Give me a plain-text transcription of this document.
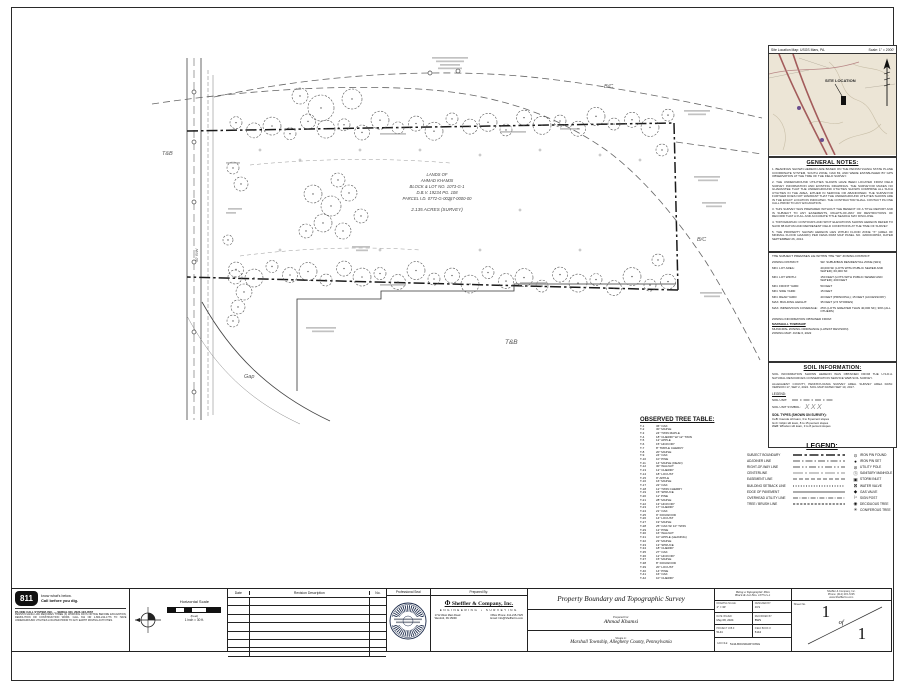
B/C
T&B
B/C
T&B
Gap
50' R/W
LANDS OF
AHMAD KHAMSI
BLOCK & LOT NO. 1073-G-1
D.B.V. 19234 PG. 108
PARCEL I.D. 0772-G-00257-0000-00
2.135 ACRES (SURVEY)
Site Location Map: USGS Mars, PA.	Scale: 1" = 2000'
SITE LOCATION
GENERAL NOTES:

1. BEARINGS SHOWN HEREON ARE BASED ON THE PENNSYLVANIA STATE PLANE COORDINATE SYSTEM, SOUTH ZONE, NAD 83, AND WERE ESTABLISHED BY GPS OBSERVATION AT THE TIME OF THE FIELD SURVEY.

2. THE UNDERGROUND UTILITIES SHOWN HAVE BEEN LOCATED FROM FIELD SURVEY INFORMATION AND EXISTING DRAWINGS. THE SURVEYOR MAKES NO GUARANTEE THAT THE UNDERGROUND UTILITIES SHOWN COMPRISE ALL SUCH UTILITIES IN THE AREA, EITHER IN SERVICE OR ABANDONED. THE SURVEYOR FURTHER DOES NOT WARRANT THAT THE UNDERGROUND UTILITIES SHOWN ARE IN THE EXACT LOCATION INDICATED. THE CONTRACTOR SHALL CONTACT PA ONE CALL PRIOR TO ANY EXCAVATION.

3. THIS SURVEY WAS PREPARED WITHOUT THE BENEFIT OF A TITLE REPORT AND IS SUBJECT TO ANY EASEMENTS, RIGHTS-OF-WAY OR RESTRICTIONS OF RECORD THAT A FULL AND ACCURATE TITLE SEARCH MAY DISCLOSE.

4. TOPOGRAPHIC CONTOURS AND SPOT ELEVATIONS SHOWN HEREON REFER TO NAVD 88 DATUM AND REPRESENT FIELD CONDITIONS AT THE TIME OF SURVEY.

5. THE PROPERTY SHOWN HEREON LIES WITHIN FLOOD ZONE "X" (AREA OF MINIMAL FLOOD HAZARD) PER FEMA FIRM MAP PANEL NO. 42003C0059J, DATED SEPTEMBER 26, 2014.

THE SUBJECT PREMISES LIE WITHIN THE "SR" ZONING DISTRICT:
ZONING DISTRICT:	SR: SUBURBAN RESIDENTIAL ZONE (SR1)
MIN. LOT AREA:	40,000 SF (LOTS WITH PUBLIC SEWER AND WATER); 60,000 SF
MIN. LOT WIDTH:	150 FEET (LOTS WITH PUBLIC SEWER AND WATER); 200 FEET
MIN. FRONT YARD:	50 FEET
MIN. SIDE YARD:	15 FEET
MIN. REAR YARD:	40 FEET (PRINCIPAL); 15 FEET (ACCESSORY)
MAX. BUILDING HEIGHT:	35 FEET (2.5 STORIES)
MAX. IMPERVIOUS COVERAGE: 25% (LOTS GREATER THAN 40,000 SF); 30% (ALL OTHERS)
ZONING INFORMATION OBTAINED FROM:
MARSHALL TOWNSHIP
MUNICIPAL ZONING ORDINANCE (LATEST REVISION)
ZONING MAP: JUNE 6, 2022
SOIL INFORMATION:

SOIL INFORMATION SHOWN HEREON WAS OBTAINED FROM THE U.S.D.A. NATURAL RESOURCES CONSERVATION SERVICE WEB SOIL SURVEY.

ALLEGHENY COUNTY, PENNSYLVANIA SURVEY AREA. SURVEY AREA DATA: VERSION 17, SEP 2, 2022. SOIL MAP DATED SEP 10, 2017.

LEGEND:
SOIL UNIT:
SOIL UNIT SYMBOL: XXX
SOIL TYPES (SHOWN ON SURVEY):
CeB: Cavode silt loam, 3 to 8 percent slopes
GvC: Gilpin silt loam, 8 to 15 percent slopes
WaB: Wharton silt loam, 3 to 8 percent slopes
LEGEND:
SUBJECT BOUNDARY
ADJOINER LINE
RIGHT-OF-WAY LINE
CENTERLINE
EASEMENT LINE
BUILDING SETBACK LINE
EDGE OF PAVEMENT
OVERHEAD UTILITY LINE
TREE / BRUSH LINE
⊙ IRON PIN FOUND
● IRON PIN SET
⊘ UTILITY POLE
Ⓢ SANITARY MANHOLE
▣ STORM INLET
⊠ WATER VALVE
◆ GAS VALVE
⚐ SIGN POST
◉ DECIDUOUS TREE
✳ CONIFEROUS TREE
OBSERVED TREE TABLE:
T-1	36" OAK
T-2	30" MAPLE
T-3	24" TWIN MAPLE
T-4	18" CHERRY W/ 12" TWIN
T-5	12" APPLE
T-6	15" HICKORY
T-7	8" TRIPLE CHERRY
T-8	20" MAPLE
T-9	24" OAK
T-10	10" PINE
T-11	14" MAPLE (DEAD)
T-12	30" WALNUT
T-13	12" CHERRY
T-14	18" LOCUST
T-15	9" APPLE
T-16	16" MAPLE
T-17	22" OAK
T-18	12" TWIN CHERRY
T-19	15" SPRUCE
T-20	11" PINE
T-21	28" MAPLE
T-22	13" HICKORY
T-23	17" CHERRY
T-24	21" OAK
T-25	9" DOGWOOD
T-26	14" LOCUST
T-27	19" MAPLE
T-28	25" OAK W/ 10" TWIN
T-29	12" PINE
T-30	16" WALNUT
T-31	10" APPLE (LEANING)
T-32	23" MAPLE
T-33	13" SPRUCE
T-34	18" CHERRY
T-35	27" OAK
T-36	12" HICKORY
T-37	15" MAPLE
T-38	8" DOGWOOD
T-39	20" LOCUST
T-40	14" PINE
T-41	16" OAK
T-42	10" CHERRY
811	know what's below.
Call before you dig.
PA ONE CALL SYSTEM, INC. — SERIAL NO. 2024-123-4567
PENNSYLVANIA LAW REQUIRES THREE (3) WORKING DAYS NOTICE BEFORE EXCAVATION, DEMOLITION OR CONSTRUCTION WORK. CALL 811 OR 1-800-242-1776 TO HAVE UNDERGROUND UTILITIES LOCATED PRIOR TO ANY EARTH MOVING ACTIVITIES.
Horizontal Scale
(Feet)
1 inch = 30 ft.
Date	Revision Description	No.	Professional Seal	Prepared By:
Φ Sheffler & Company, Inc.
ENGINEERING • SURVEYING
1712 West Main Road
Wexford, PA 15090
Office Phone: 412-215-7225
Email: Info@ShefflerCo.com
Property Boundary and Topographic Survey
Prepared For:
Ahmad Khamsi
Situate in:
Marshall Township, Allegheny County, Pennsylvania
Being a Topographic Plan
Block & Lot Nos. 1073-G-1
DRAWING SCALE:
1" = 30'
DESIGNED BY:
JCS
DATE ISSUED:
May 08, 2024
RECORDED BY:
BWS
PROJECT JOB #:
5144
FIELD BOOK #:
5144
CAD FILE: 5144-BOUNDARY.DWG
Sheffler & Company, Inc.
Phone: (412) 215-7225
www.ShefflerCo.com
Sheet No. 1
of
1
